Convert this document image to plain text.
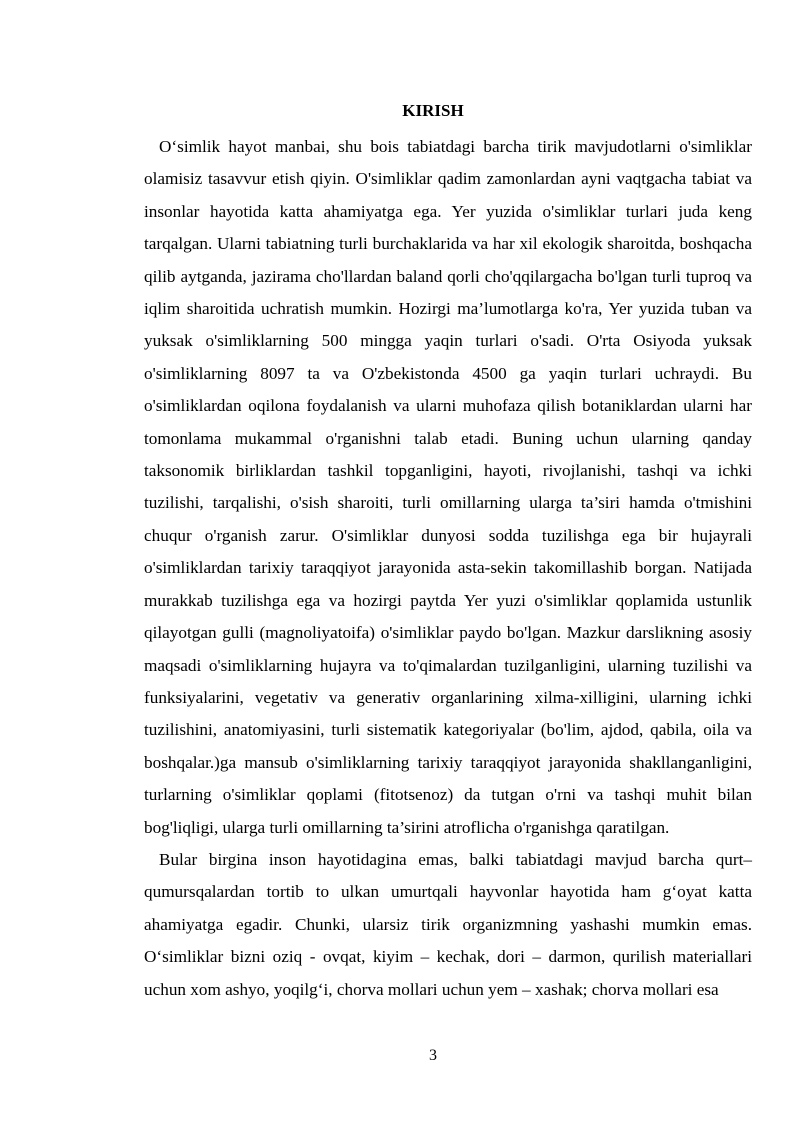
KIRISH

O‘simlik hayot manbai, shu bois tabiatdagi barcha tirik mavjudotlarni o'simliklar olamisiz tasavvur etish qiyin. O'simliklar qadim zamonlardan ayni vaqtgacha tabiat va insonlar hayotida katta ahamiyatga ega. Yer yuzida o'simliklar turlari juda keng tarqalgan. Ularni tabiatning turli burchaklarida va har xil ekologik sharoitda, boshqacha qilib aytganda, jazirama cho'llardan baland qorli cho'qqilargacha bo'lgan turli tuproq va iqlim sharoitida uchratish mumkin. Hozirgi ma’lumotlarga ko'ra, Yer yuzida tuban va yuksak o'simliklarning 500 mingga yaqin turlari o'sadi. O'rta Osiyoda yuksak o'simliklarning 8097 ta va O'zbekistonda 4500 ga yaqin turlari uchraydi. Bu o'simliklardan oqilona foydalanish va ularni muhofaza qilish botaniklardan ularni har tomonlama mukammal o'rganishni talab etadi. Buning uchun ularning qanday taksonomik birliklardan tashkil topganligini, hayoti, rivojlanishi, tashqi va ichki tuzilishi, tarqalishi, o'sish sharoiti, turli omillarning ularga ta’siri hamda o'tmishini chuqur o'rganish zarur. O'simliklar dunyosi sodda tuzilishga ega bir hujayrali o'simliklardan tarixiy taraqqiyot jarayonida asta-sekin takomillashib borgan. Natijada murakkab tuzilishga ega va hozirgi paytda Yer yuzi o'simliklar qoplamida ustunlik qilayotgan gulli (magnoliyatoifa) o'simliklar paydo bo'lgan. Mazkur darslikning asosiy maqsadi o'simliklarning hujayra va to'qimalardan tuzilganligini, ularning tuzilishi va funksiyalarini, vegetativ va generativ organlarining xilma-xilligini, ularning ichki tuzilishini, anatomiyasini, turli sistematik kategoriyalar (bo'lim, ajdod, qabila, oila va boshqalar.)ga mansub o'simliklarning tarixiy taraqqiyot jarayonida shakllanganligini, turlarning o'simliklar qoplami (fitotsenoz) da tutgan o'rni va tashqi muhit bilan bog'liqligi, ularga turli omillarning ta’sirini atroflicha o'rganishga qaratilgan.

Bular birgina inson hayotidagina emas, balki tabiatdagi mavjud barcha qurt–qumursqalardan tortib to ulkan umurtqali hayvonlar hayotida ham g‘oyat katta ahamiyatga egadir. Chunki, ularsiz tirik organizmning yashashi mumkin emas. O‘simliklar bizni oziq - ovqat, kiyim – kechak, dori – darmon, qurilish materiallari uchun xom ashyo, yoqilg‘i, chorva mollari uchun yem – xashak; chorva mollari esa

3
